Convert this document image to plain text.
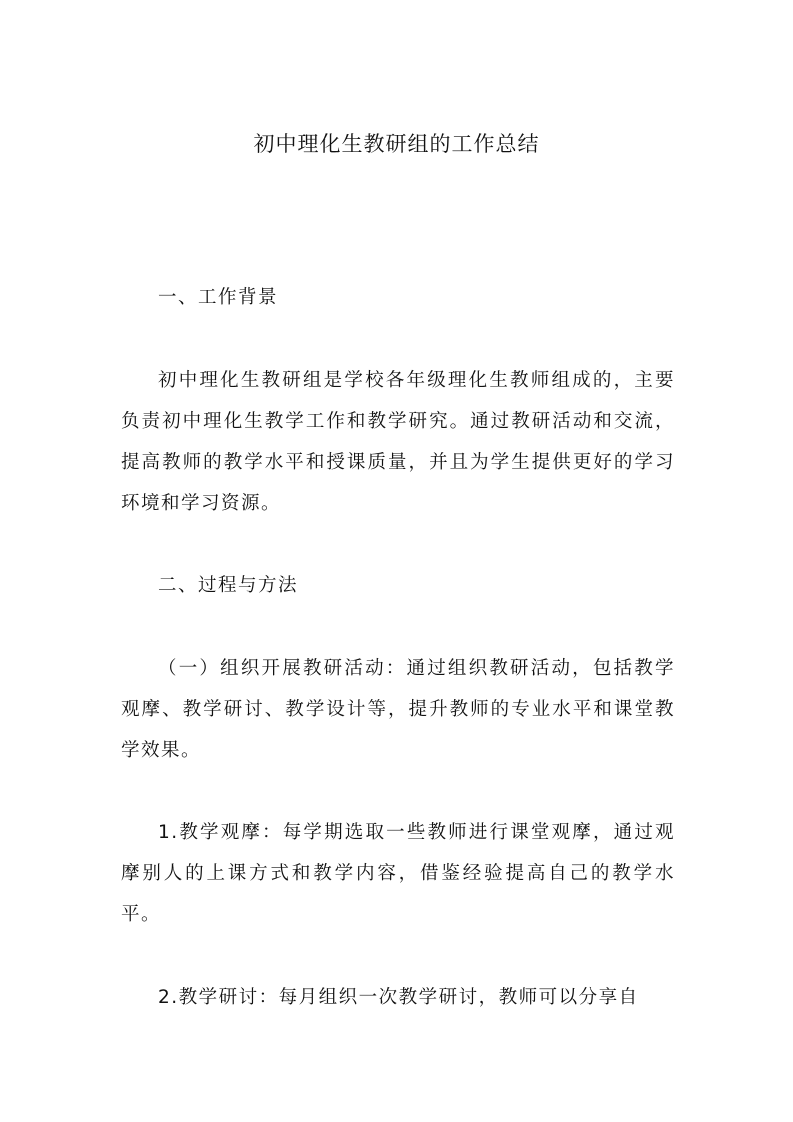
初中理化生教研组的工作总结

一、工作背景

初中理化生教研组是学校各年级理化生教师组成的，主要负责初中理化生教学工作和教学研究。通过教研活动和交流，提高教师的教学水平和授课质量，并且为学生提供更好的学习环境和学习资源。

二、过程与方法

（一）组织开展教研活动：通过组织教研活动，包括教学观摩、教学研讨、教学设计等，提升教师的专业水平和课堂教学效果。

1.教学观摩：每学期选取一些教师进行课堂观摩，通过观摩别人的上课方式和教学内容，借鉴经验提高自己的教学水平。

2.教学研讨：每月组织一次教学研讨，教师可以分享自
